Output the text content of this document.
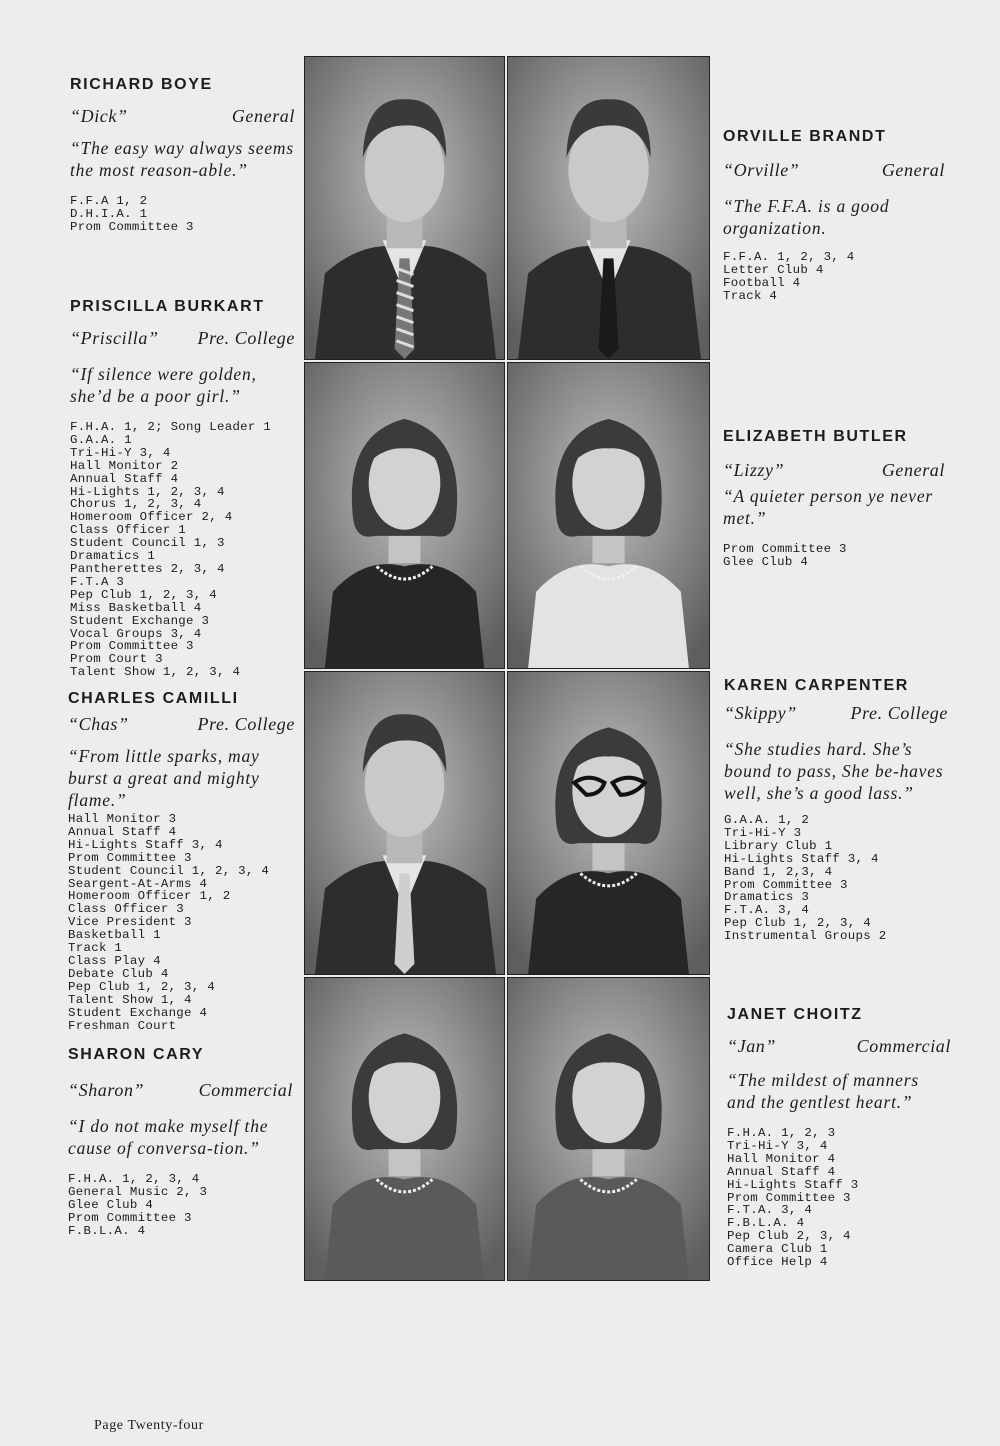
RICHARD BOYE
“Dick”	General
“The easy way always seems the most reason-able.”
F.F.A 1, 2
D.H.I.A. 1
Prom Committee 3
PRISCILLA BURKART
“Priscilla” Pre. College
“If silence were golden, she’d be a poor girl.”
F.H.A. 1, 2; Song Leader 1
G.A.A. 1
Tri-Hi-Y 3, 4
Hall Monitor 2
Annual Staff 4
Hi-Lights 1, 2, 3, 4
Chorus 1, 2, 3, 4
Homeroom Officer 2, 4
Class Officer 1
Student Council 1, 3
Dramatics 1
Pantherettes 2, 3, 4
F.T.A 3
Pep Club 1, 2, 3, 4
Miss Basketball 4
Student Exchange 3
Vocal Groups 3, 4
Prom Committee 3
Prom Court 3
Talent Show 1, 2, 3, 4
CHARLES CAMILLI
“Chas”	Pre. College
“From little sparks, may burst a great and mighty flame.”
Hall Monitor 3
Annual Staff 4
Hi-Lights Staff 3, 4
Prom Committee 3
Student Council 1, 2, 3, 4
Seargent-At-Arms 4
Homeroom Officer 1, 2
Class Officer 3
Vice President 3
Basketball 1
Track 1
Class Play 4
Debate Club 4
Pep Club 1, 2, 3, 4
Talent Show 1, 4
Student Exchange 4
Freshman Court
SHARON CARY
“Sharon”	Commercial
“I do not make myself the cause of conversa-tion.”
F.H.A. 1, 2, 3, 4
General Music 2, 3
Glee Club 4
Prom Committee 3
F.B.L.A. 4
ORVILLE BRANDT
“Orville”	General
“The F.F.A. is a good organization.
F.F.A. 1, 2, 3, 4
Letter Club 4
Football 4
Track 4
ELIZABETH BUTLER
“Lizzy”	General
“A quieter person ye never met.”
Prom Committee 3
Glee Club 4
KAREN CARPENTER
“Skippy”	Pre. College
“She studies hard. She’s bound to pass, She be-haves well, she’s a good lass.”
G.A.A. 1, 2
Tri-Hi-Y 3
Library Club 1
Hi-Lights Staff 3, 4
Band 1, 2,3, 4
Prom Committee 3
Dramatics 3
F.T.A. 3, 4
Pep Club 1, 2, 3, 4
Instrumental Groups 2
JANET CHOITZ
“Jan”	Commercial
“The mildest of manners and the gentlest heart.”
F.H.A. 1, 2, 3
Tri-Hi-Y 3, 4
Hall Monitor 4
Annual Staff 4
Hi-Lights Staff 3
Prom Committee 3
F.T.A. 3, 4
F.B.L.A. 4
Pep Club 2, 3, 4
Camera Club 1
Office Help 4
Page Twenty-four
